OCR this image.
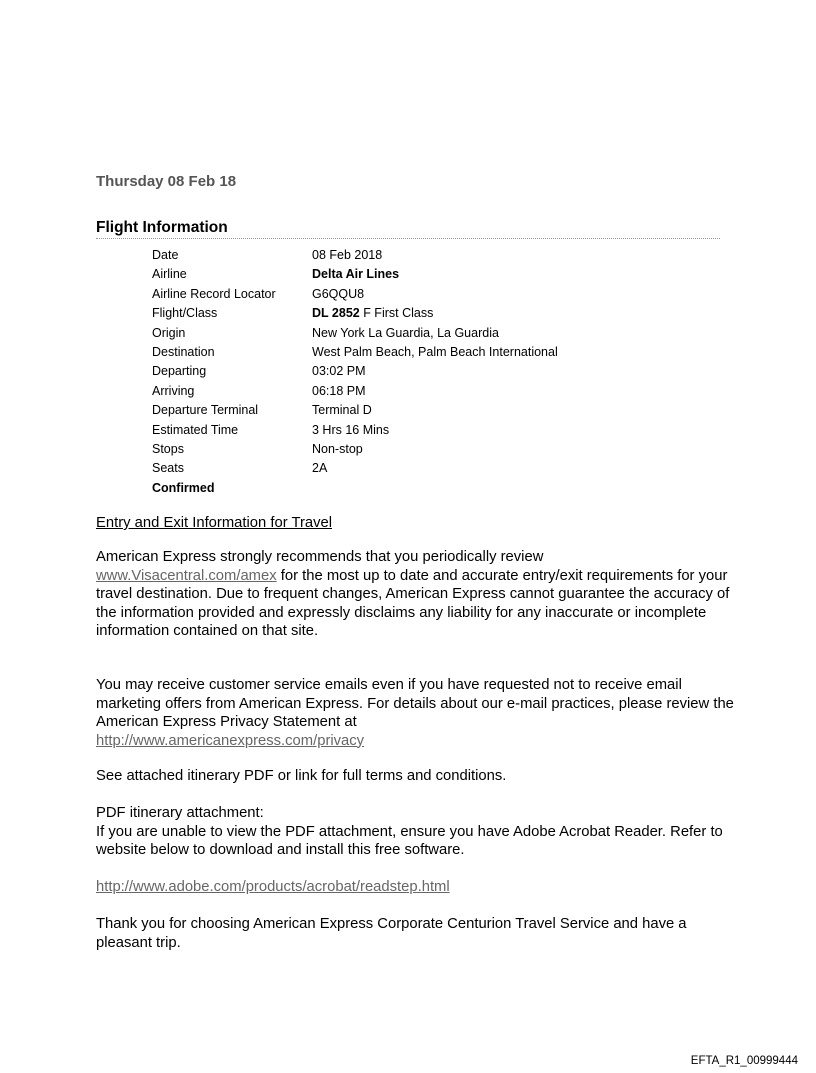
Thursday 08 Feb 18
Flight Information
Date	08 Feb 2018
Airline	Delta Air Lines
Airline Record Locator	G6QQU8
Flight/Class	DL 2852 F First Class
Origin	New York La Guardia, La Guardia
Destination	West Palm Beach, Palm Beach International
Departing	03:02 PM
Arriving	06:18 PM
Departure Terminal	Terminal D
Estimated Time	3 Hrs 16 Mins
Stops	Non-stop
Seats	2A
Confirmed
Entry and Exit Information for Travel
American Express strongly recommends that you periodically review
www.Visacentral.com/amex for the most up to date and accurate entry/exit requirements for your travel destination. Due to frequent changes, American Express cannot guarantee the accuracy of the information provided and expressly disclaims any liability for any inaccurate or incomplete information contained on that site.
You may receive customer service emails even if you have requested not to receive email marketing offers from American Express. For details about our e-mail practices, please review the American Express Privacy Statement at
http://www.americanexpress.com/privacy
See attached itinerary PDF or link for full terms and conditions.
PDF itinerary attachment:
If you are unable to view the PDF attachment, ensure you have Adobe Acrobat Reader. Refer to website below to download and install this free software.
http://www.adobe.com/products/acrobat/readstep.html
Thank you for choosing American Express Corporate Centurion Travel Service and have a pleasant trip.
EFTA_R1_00999444
